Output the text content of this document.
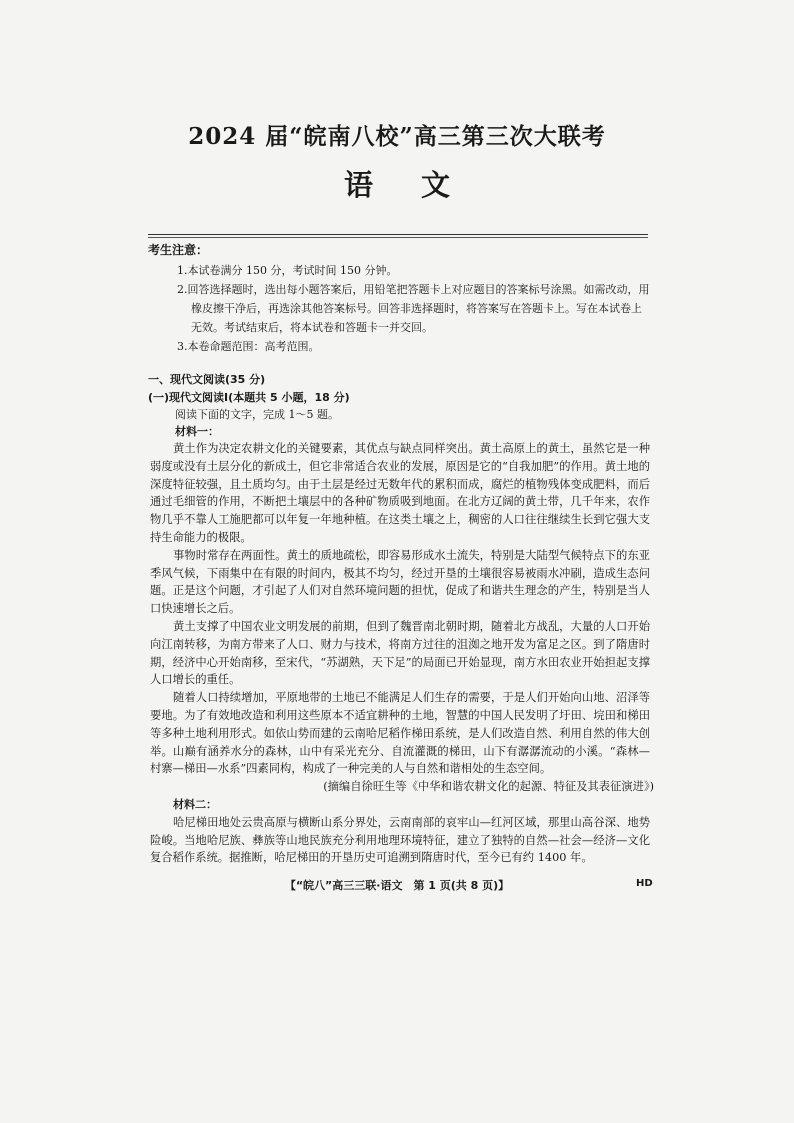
2024 届“皖南八校”高三第三次大联考
语文
考生注意：

1.本试卷满分 150 分，考试时间 150 分钟。

2.回答选择题时，选出每小题答案后，用铅笔把答题卡上对应题目的答案标号涂黑。如需改动，用橡皮擦干净后，再选涂其他答案标号。回答非选择题时，将答案写在答题卡上。写在本试卷上无效。考试结束后，将本试卷和答题卡一并交回。

3.本卷命题范围：高考范围。

一、现代文阅读(35 分)
(一)现代文阅读Ⅰ(本题共 5 小题，18 分)
阅读下面的文字，完成 1～5 题。
材料一：

黄土作为决定农耕文化的关键要素，其优点与缺点同样突出。黄土高原上的黄土，虽然它是一种弱度或没有土层分化的新成土，但它非常适合农业的发展，原因是它的“自我加肥”的作用。黄土地的深度特征较强，且土质均匀。由于土层是经过无数年代的累积而成，腐烂的植物残体变成肥料，而后通过毛细管的作用，不断把土壤层中的各种矿物质吸到地面。在北方辽阔的黄土带，几千年来，农作物几乎不靠人工施肥都可以年复一年地种植。在这类土壤之上，稠密的人口往往继续生长到它强大支持生命能力的极限。

事物时常存在两面性。黄土的质地疏松，即容易形成水土流失，特别是大陆型气候特点下的东亚季风气候，下雨集中在有限的时间内，极其不均匀，经过开垦的土壤很容易被雨水冲刷，造成生态问题。正是这个问题，才引起了人们对自然环境问题的担忧，促成了和谐共生理念的产生，特别是当人口快速增长之后。

黄土支撑了中国农业文明发展的前期，但到了魏晋南北朝时期，随着北方战乱，大量的人口开始向江南转移，为南方带来了人口、财力与技术，将南方过往的沮洳之地开发为富足之区。到了隋唐时期，经济中心开始南移，至宋代，“苏湖熟，天下足”的局面已开始显现，南方水田农业开始担起支撑人口增长的重任。

随着人口持续增加，平原地带的土地已不能满足人们生存的需要，于是人们开始向山地、沼泽等要地。为了有效地改造和利用这些原本不适宜耕种的土地，智慧的中国人民发明了圩田、垸田和梯田等多种土地利用形式。如依山势而建的云南哈尼稻作梯田系统，是人们改造自然、利用自然的伟大创举。山巅有涵养水分的森林，山中有采光充分、自流灌溉的梯田，山下有潺潺流动的小溪。“森林—村寨—梯田—水系”四素同构，构成了一种完美的人与自然和谐相处的生态空间。

(摘编自徐旺生等《中华和谐农耕文化的起源、特征及其表征演进》)

材料二：

哈尼梯田地处云贵高原与横断山系分界处，云南南部的哀牢山—红河区域，那里山高谷深、地势险峻。当地哈尼族、彝族等山地民族充分利用地理环境特征，建立了独特的自然—社会—经济—文化复合稻作系统。据推断，哈尼梯田的开垦历史可追溯到隋唐时代，至今已有约 1400 年。

【“皖八”高三三联·语文　第 1 页(共 8 页)】	HD
